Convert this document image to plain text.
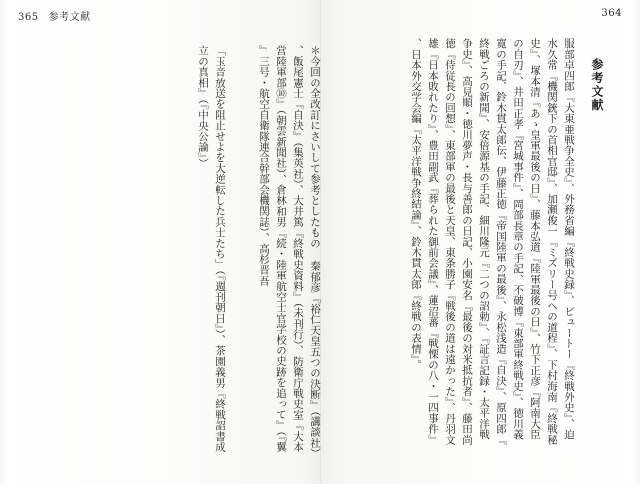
365 参考文献
＊今回の全改訂にさいして参考としたもの 秦郁彦『裕仁天皇五つの決断』（講談社）、飯尾憲士『自決』（集英社）、大井篤『終戦史資料』（未刊行）、防衛庁戦史室『大本営陸軍部⑩』（朝雲新聞社）、倉林和男『続・陸軍航空士官学校の史跡を追って』（『翼』三号・航空自衛隊連合幹部会機関誌）、高杉晋吾
「玉音放送を阻止せよを大逆転した兵士たち」（『週刊朝日』）、茶園義男『終戦詔書成立の真相』（『中央公論』）
364
参考文献
服部卓四郎『大東亜戦争全史』、外務省編『終戦史録』、ビュートー『終戦外史』、迫水久常『機関銃下の首相官邸』、加瀬俊一『ミズリー号への道程』、下村海南『終戦秘史』、塚本清『あゝ皇軍最後の日』、藤本弘道『陸軍最後の日』、竹下正彦『阿南大臣の自刃』、井田正孝『宮城事件』、岡部長章の手記、不破博『東部軍終戦史』、徳川義寛の手記、鈴木貫太郎伝、伊藤正徳『帝国陸軍の最後』、永松浅造『自決』、原四郎『終戦ごろの新聞』、安倍源基の手記、細川隆元『二つの詔勅』、『証言記録・太平洋戦争史』、高見順・徳川夢声・長与善郎の日記、小園安名『最後の対米抵抗者』、藤田尚徳『侍従長の回想』、東部軍の最後と天皇、東条勝子『戦後の道は遠かった』、丹羽文雄『日本敗れたり』、豊田副武『葬られた御前会議』、蓮沼蕃『戦慄の八・一四事件』、日本外交学会編『太平洋戦争終結論』、鈴木貫太郎『終戦の表情』。
